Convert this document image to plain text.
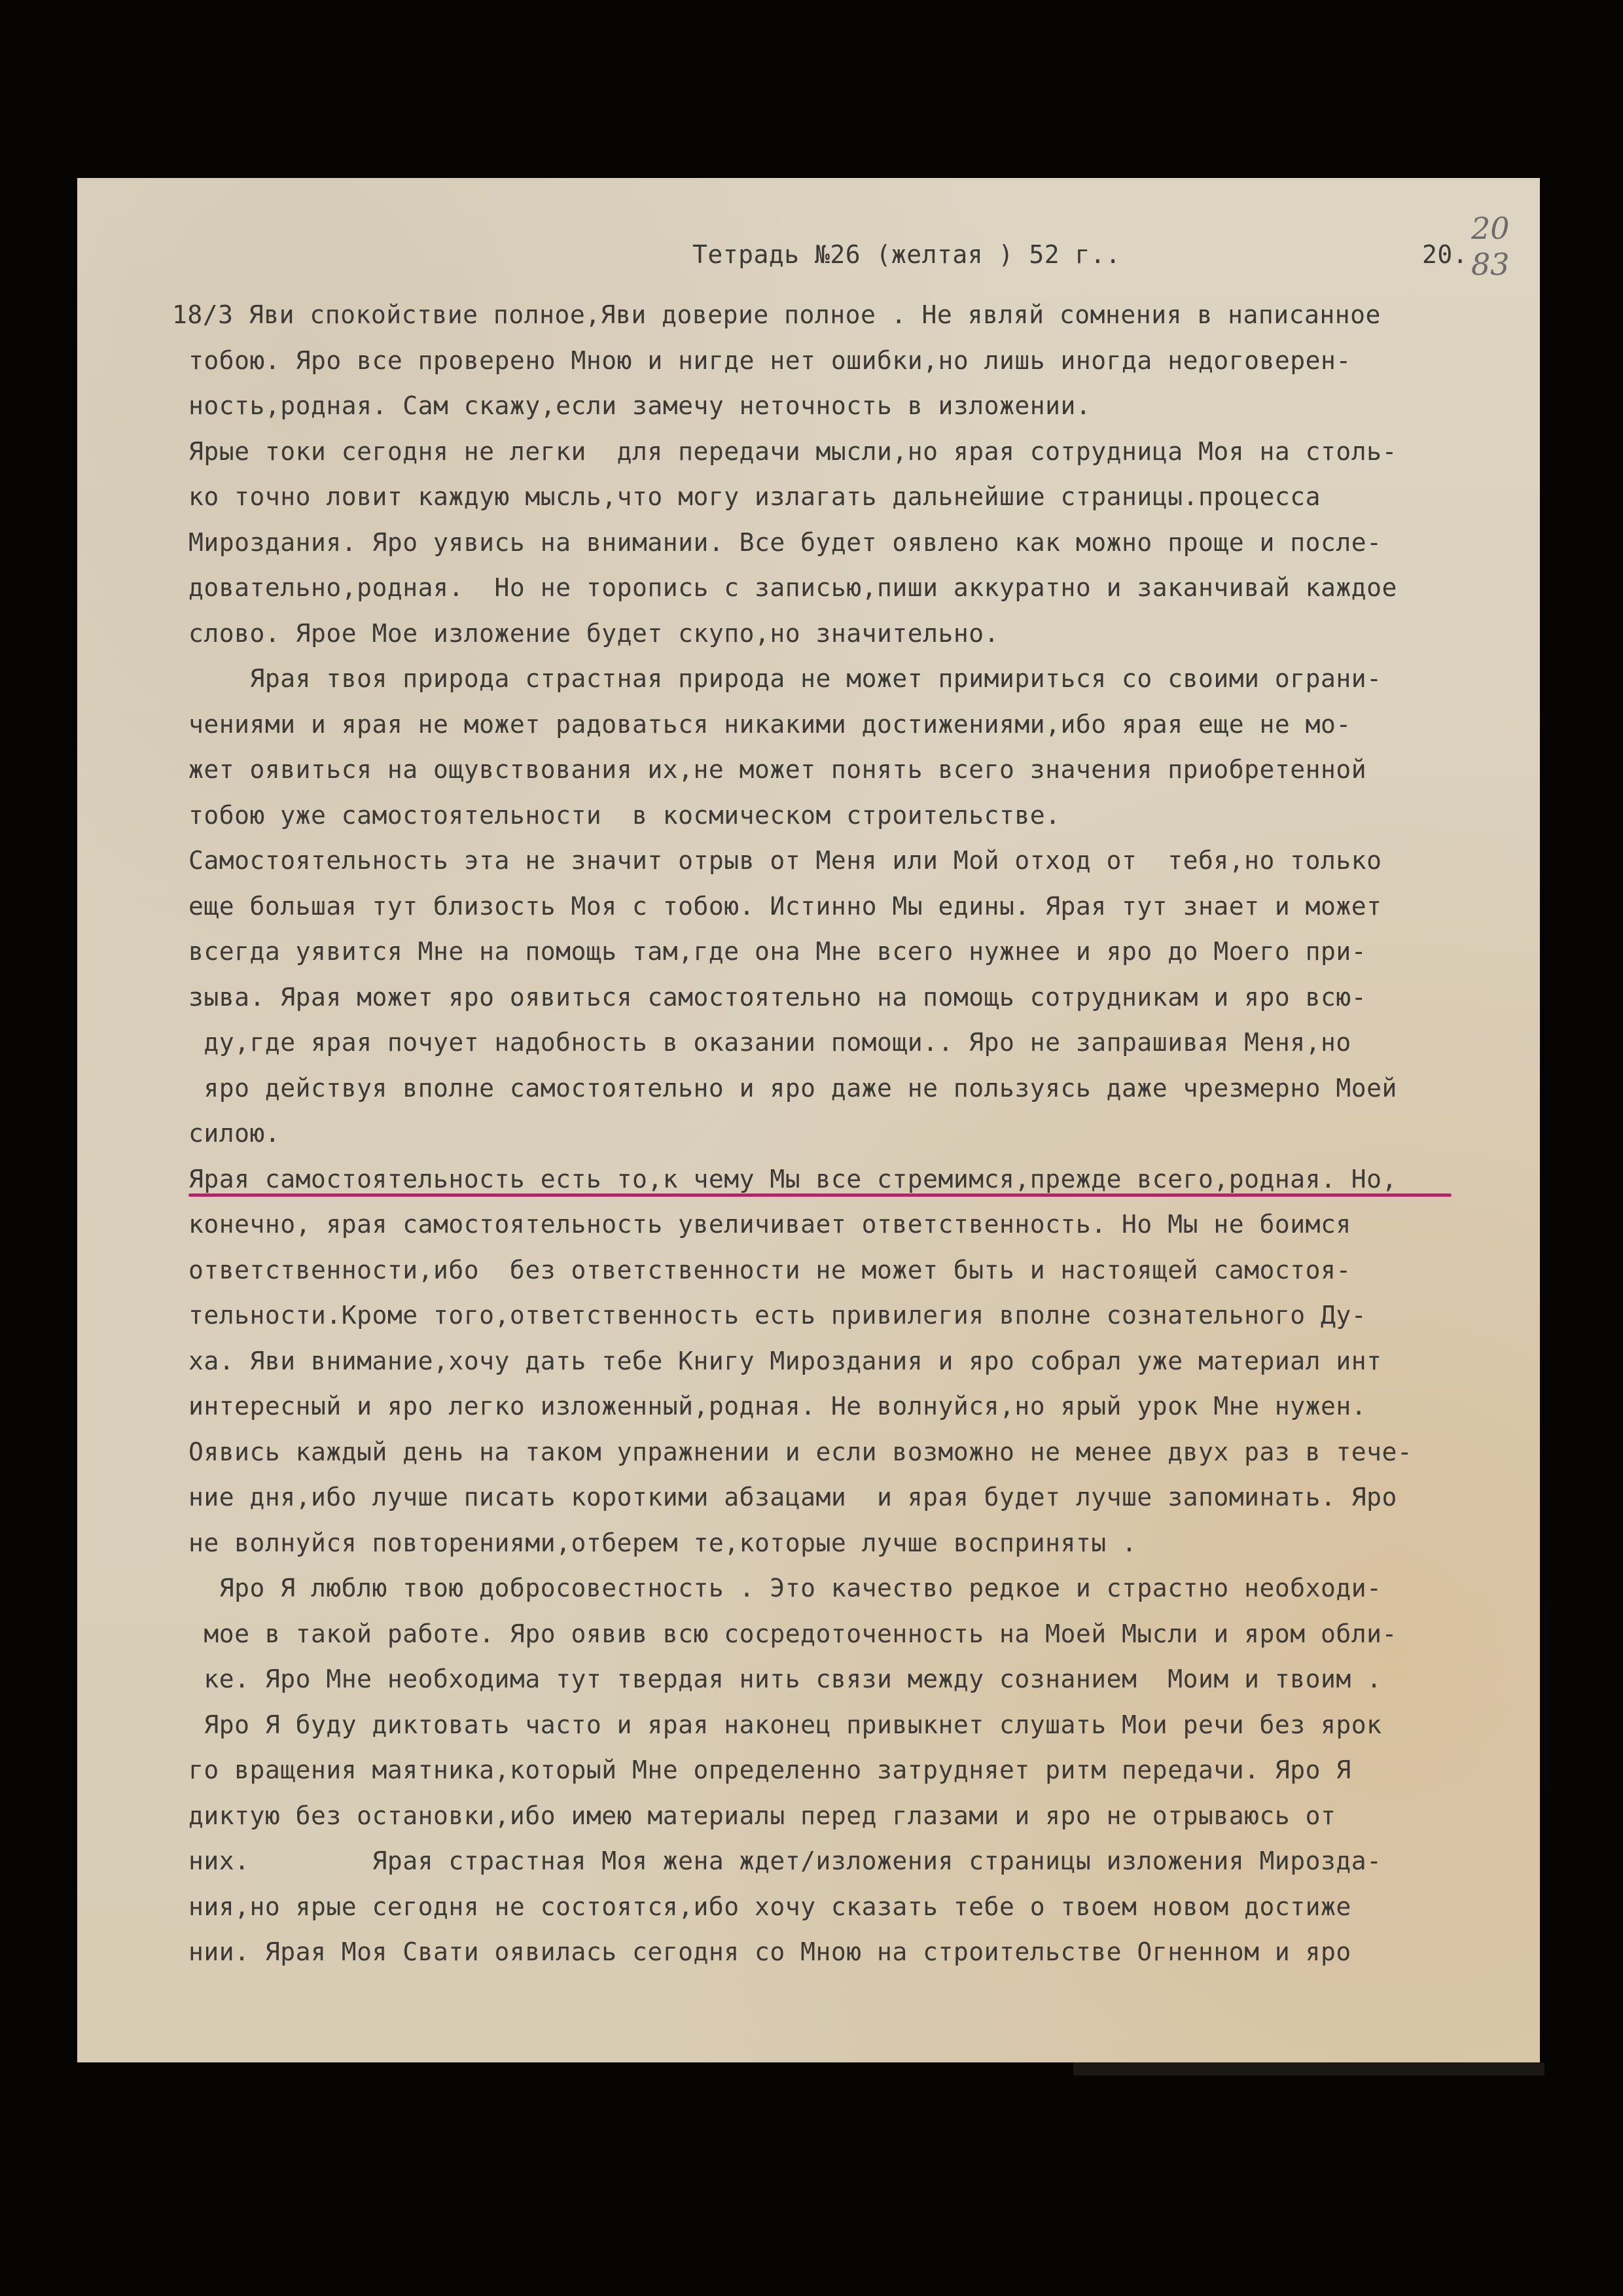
Тетрадь №26 (желтая ) 52 г..	20.
20
83
18/3 Яви спокойствие полное,Яви доверие полное . Не являй сомнения в написанное
тобою. Яро все проверено Мною и нигде нет ошибки,но лишь иногда недоговерен-
ность,родная. Сам скажу,если замечу неточность в изложении.
Ярые токи сегодня не легки  для передачи мысли,но ярая сотрудница Моя на столь-
ко точно ловит каждую мысль,что могу излагать дальнейшие страницы.процесса
Мироздания. Яро уявись на внимании. Все будет оявлено как можно проще и после-
довательно,родная.  Но не торопись с записью,пиши аккуратно и заканчивай каждое
слово. Ярое Мое изложение будет скупо,но значительно.
Ярая твоя природа страстная природа не может примириться со своими ограни-
чениями и ярая не может радоваться никакими достижениями,ибо ярая еще не мо-
жет оявиться на ощувствования их,не может понять всего значения приобретенной
тобою уже самостоятельности  в космическом строительстве.
Самостоятельность эта не значит отрыв от Меня или Мой отход от  тебя,но только
еще большая тут близость Моя с тобою. Истинно Мы едины. Ярая тут знает и может
всегда уявится Мне на помощь там,где она Мне всего нужнее и яро до Моего при-
зыва. Ярая может яро оявиться самостоятельно на помощь сотрудникам и яро всю-
ду,где ярая почует надобность в оказании помощи.. Яро не запрашивая Меня,но
яро действуя вполне самостоятельно и яро даже не пользуясь даже чрезмерно Моей
силою.
Ярая самостоятельность есть то,к чему Мы все стремимся,прежде всего,родная. Но,
конечно, ярая самостоятельность увеличивает ответственность. Но Мы не боимся
ответственности,ибо  без ответственности не может быть и настоящей самостоя-
тельности.Кроме того,ответственность есть привилегия вполне сознательного Ду-
ха. Яви внимание,хочу дать тебе Книгу Мироздания и яро собрал уже материал инт
интересный и яро легко изложенный,родная. Не волнуйся,но ярый урок Мне нужен.
Оявись каждый день на таком упражнении и если возможно не менее двух раз в тече-
ние дня,ибо лучше писать короткими абзацами  и ярая будет лучше запоминать. Яро
не волнуйся повторениями,отберем те,которые лучше восприняты .
Яро Я люблю твою добросовестность . Это качество редкое и страстно необходи-
мое в такой работе. Яро оявив всю сосредоточенность на Моей Мысли и яром обли-
ке. Яро Мне необходима тут твердая нить связи между сознанием  Моим и твоим .
Яро Я буду диктовать часто и ярая наконец привыкнет слушать Мои речи без ярок
го вращения маятника,который Мне определенно затрудняет ритм передачи. Яро Я
диктую без остановки,ибо имею материалы перед глазами и яро не отрываюсь от
них.        Ярая страстная Моя жена ждет/изложения страницы изложения Мирозда-
ния,но ярые сегодня не состоятся,ибо хочу сказать тебе о твоем новом достиже
нии. Ярая Моя Свати оявилась сегодня со Мною на строительстве Огненном и яро
